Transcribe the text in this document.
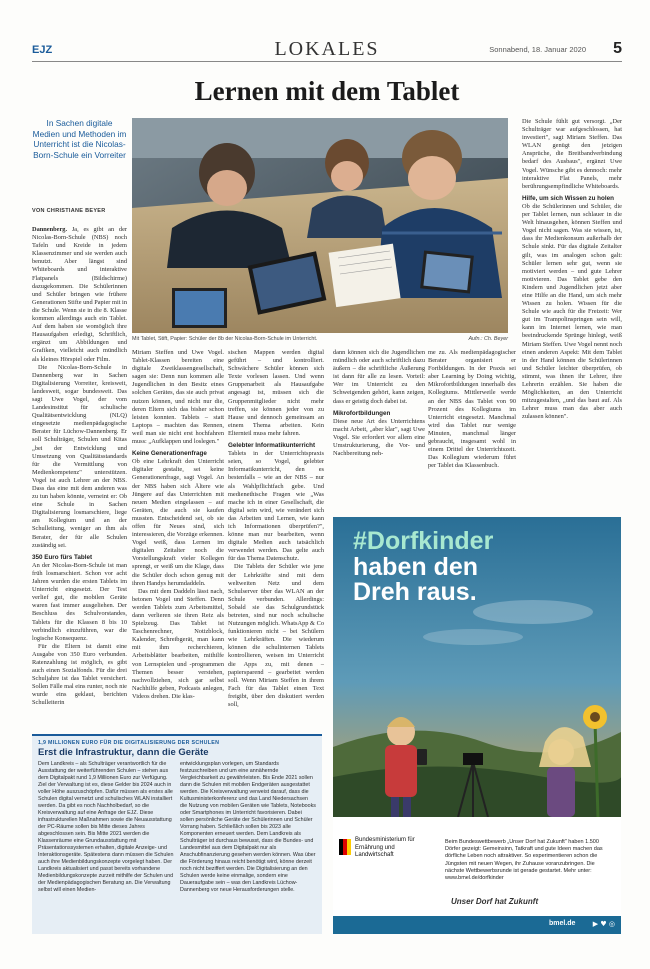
EJZ	LOKALES	Sonnabend, 18. Januar 2020 5
Lernen mit dem Tablet
In Sachen digitale Medien und Methoden im Unterricht ist die Nicolas-Born-Schule ein Vorreiter
VON CHRISTIANE BEYER

Dannenberg. Ja, es gibt an der Nicolas-Born-Schule (NBS) noch Tafeln und Kreide in jedem Klassenzimmer und sie werden auch benutzt. Aber längst sind Whiteboards und interaktive Flatpanels (Bildschirme) dazugekommen. Die Schülerinnen und Schüler bringen wie frühere Generationen Stifte und Papier mit in die Schule. Wenn sie in die 8. Klasse kommen allerdings auch ein Tablet. Auf dem haben sie womöglich ihre Hausaufgaben erledigt, Schriftlich, ergänzt um Abbildungen und Grafiken, vielleicht auch mündlich als kleines Hörspiel oder Film.

Die Nicolas-Born-Schule in Dannenberg war in Sachen Digitalisierung Vorreiter, kreisweit, landesweit, sogar bundesweit. Das sagt Uwe Vogel, der vom Landesinstitut für schulische Qualitätsentwicklung (NLQ) eingesetzte medienpädagogische Berater für Lüchow-Dannenberg. Er soll Schulträger, Schulen und Kitas „bei der Entwicklung und Umsetzung von Qualitätsstandards für die Vermittlung von Medienkompetenz" unterstützen. Vogel ist auch Lehrer an der NBS. Dass das eine mit dem anderen was zu tun haben könnte, verneint er: Ob eine Schule in Sachen Digitalisierung losmarschiere, liege am Kollegium und an der Schulleitung, weniger an ihm als Berater, der für alle Schulen zuständig sei.

350 Euro fürs Tablet

An der Nicolas-Born-Schule ist man früh losmarschiert. Schon vor acht Jahren wurden die ersten Tablets im Unterricht eingesetzt. Der Test verlief gut, die mobilen Geräte waren fast immer ausgeliehen. Der Beschluss des Schulvorstandes, Tablets für die Klassen 8 bis 10 verbindlich einzuführen, war die logische Konsequenz.

Für die Eltern ist damit eine Ausgabe von 350 Euro verbunden. Ratenzahlung ist möglich, es gibt auch einen Sozialfonds. Für die drei Schuljahre ist das Tablet versichert. Sollen Fälle mal eins runter, noch nie wurde eins geklaut, berichten Schulleiterin

Mit Tablet, Stift, Papier: Schüler der 8b der Nicolas-Born-Schule im Unterricht.	Aufn.: Ch. Beyer

Miriam Steffen und Uwe Vogel. Tablet-Klassen bereiten eine digitale Zweiklassengesellschaft, sagen sie: Denn nun kommen alle Jugendlichen in den Besitz eines solchen Gerätes, das sie auch privat nutzen können, und nicht nur die, deren Eltern sich das bisher schon leisten konnten. Tablets – statt Laptops – machten das Rennen, weil man sie nicht erst hochfahren muss: „Aufklappen und loslegen."

Keine Generationenfrage

Ob eine Lehrkraft den Unterricht digitaler gestalte, sei keine Generationenfrage, sagt Vogel. An der NBS haben sich Ältere wie Jüngere auf das Unterrichten mit neuen Medien eingelassen – auf Geräten, die auch sie kaufen mussten. Entscheidend sei, ob sie offen für Neues sind, sich interessieren, die Vorzüge erkennen. Vogel weiß, dass Lernen im digitalen Zeitalter noch die Vorstellungskraft vieler Kollegen sprengt, er weiß um die Klage, dass die Schüler doch schon genug mit ihren Handys herumdaddeln.

Das mit dem Daddeln lässt nach, betonen Vogel und Steffen. Denn werden Tablets zum Arbeitsmittel, dann verlieren sie ihren Reiz als Spielzeug. Das Tablet ist Taschenrechner, Notizblock, Kalender, Schreibgerät, man kann mit ihm recherchieren, Arbeitsblätter bearbeiten, mithilfe von Lernspielen und -programmen Themen besser verstehen, nachvollziehen, sich gar selbst Nachhilfe geben, Podcasts anlegen, Videos drehen. Die klas-

sischen Mappen werden digital geführt – und kontrolliert. Schwächere Schüler können sich Texte vorlesen lassen. Und wenn Gruppenarbeit als Hausaufgabe angesagt ist, müssen sich die Gruppenmitglieder nicht mehr treffen, sie können jeder von zu Hause und dennoch gemeinsam an einem Thema arbeiten. Kein Elternteil muss mehr fahren.

Gelebter Informatikunterricht

Tablets in der Unterrichtspraxis seien, so Vogel, gelebter Informatikunterricht, den es bestenfalls – wie an der NBS – nur als Wahlpflichtfach gebe. Und medienethische Fragen wie „Was mache ich in einer Gesellschaft, die digital sein wird, wie verändert sich das Arbeiten und Lernen, wie kann ich Informationen überprüfen?", könne man nur bearbeiten, wenn digitale Medien auch tatsächlich verwendet werden. Das gelte auch für das Thema Datenschutz.

Die Tablets der Schüler wie jene der Lehrkräfte sind mit dem weltweiten Netz und dem Schulserver über das WLAN an der Schule verbunden. Allerdings: Sobald sie das Schulgrundstück betreten, sind nur noch schulische Nutzungen möglich. WhatsApp & Co funktionieren nicht – bei Schülern wie Lehrkräften. Die wiederum können die schulinternen Tablets kontrollieren, weisen im Unterricht die Apps zu, mit denen – papiersparend – gearbeitet werden soll. Wenn Miriam Steffen in ihrem Fach für das Tablet einen Text freigibt, über den diskutiert werden soll,

dann können sich die Jugendlichen mündlich oder auch schriftlich dazu äußern – die schriftliche Äußerung ist dann für alle zu lesen. Vorteil: Wer im Unterricht zu den Schweigenden gehört, kann zeigen, dass er geistig doch dabei ist.

Mikrofortbildungen

Diese neue Art des Unterrichtens macht Arbeit, „aber klar", sagt Uwe Vogel. Sie erfordert vor allem eine Umstrukturierung, die Vor- und Nachbereitung neh-

me zu. Als medienpädagogischer Berater organisiert er Fortbildungen. In der Praxis sei aber Learning by Doing wichtig, Mikrofortbildungen innerhalb des Kollegiums. Mittlerweile werde an der NBS das Tablet von 90 Prozent des Kollegiums im Unterricht eingesetzt. Manchmal wird das Tablet nur wenige Minuten, manchmal länger gebraucht, insgesamt wohl in einem Drittel der Unterrichtszeit. Das Kollegium wiederum führt per Tablet das Klassenbuch.

Die Schule fühlt gut versorgt. „Der Schulträger war aufgeschlossen, hat investiert", sagt Miriam Steffen. Das WLAN genügt den jetzigen Ansprüche, die Breitbandverbindung bedarf des Ausbaus", ergänzt Uwe Vogel. Wünsche gibt es dennoch: mehr interaktive Flat Panels, mehr berührungsempfindliche Whiteboards.

Hilfe, um sich Wissen zu holen

Ob die Schülerinnen und Schüler, die per Tablet lernen, nun schlauer in die Welt hinausgehen, können Steffen und Vogel nicht sagen. Was sie wissen, ist, dass ihr Medienkonsum außerhalb der Schule sinkt. Für das digitale Zeitalter gilt, was im analogen schon galt: Schüler lernen sehr gut, wenn sie motiviert werden – und gute Lehrer motivieren. Das Tablet gebe den Kindern und Jugendlichen jetzt aber eine Hilfe an die Hand, um sich mehr Wissen zu holen. Wissen für die Schule wie auch für die Freizeit: Wer gut im Trampolinspringen sein will, kann im Internet lernen, wie man beeindruckende Sprünge hinlegt, weiß Miriam Steffen. Uwe Vogel nennt noch einen anderen Aspekt: Mit dem Tablet in der Hand können die Schülerinnen und Schüler leichter überprüfen, ob stimmt, was ihnen ihr Lehrer, ihre Lehrerin erzählen. Sie haben die Möglichkeiten, an den Unterricht mitzugestalten, „und das baut auf. Als Lehrer muss man das aber auch zulassen können".

1,9 MILLIONEN EURO FÜR DIE DIGITALISIERUNG DER SCHULEN
Erst die Infrastruktur, dann die Geräte

Dem Landkreis – als Schulträger verantwortlich für die Ausstattung der weiterführenden Schulen – stehen aus dem Digitalpakt rund 1,9 Millionen Euro zur Verfügung. Ziel der Verwaltung ist es, diese Gelder bis 2024 auch in voller Höhe auszuschöpfen. Dafür müssen als erstes alle Schulen digital vernetzt und schulisches WLAN installiert werden. Da gibt es noch Nachholbedarf, so die Kreisverwaltung auf eine Anfrage der EJZ. Diese infrastrukturellen Maßnahmen sowie die Neuausstattung der PC-Räume sollen bis Mitte dieses Jahres abgeschlossen sein. Bis Mitte 2021 werden die Klassenräume eine Grundausstattung mit Präsentationssystemen erhalten, digitale Anzeige- und Interaktionsgeräte. Spätestens dann müssen die Schulen auch ihre Medienbildungskonzepte vorgelegt haben. Der Landkreis aktualisiert und passt bereits vorhandene Medienbildungskonzepte zurzeit mithilfe der Schulen und der Medienpädagogischen Beratung an. Die Verwaltung selbst will einen Medien-

entwicklungsplan vorlegen, um Standards festzuschreiben und um eine annähernde Vergleichbarkeit zu gewährleisten. Bis Ende 2021 sollen dann die Schulen mit mobilen Endgeräten ausgestattet werden. Die Kreisverwaltung verweist darauf, dass die Kultusministerkonferenz und das Land Niedersachsen die Nutzung von mobilen Geräten wie Tablets, Notebooks oder Smartphones im Unterricht favorisieren. Dabei sollen persönliche Geräte der Schülerinnen und Schüler Vorrang haben. Schließlich sollen bis 2023 alle Komponenten erneuert werden. Dem Landkreis als Schulträger ist durchaus bewusst, dass die Bundes- und Landesmittel aus dem Digitalpakt nur als Anschubfinanzierung gesehen werden können. Was über die Förderung hinaus reicht benötigt wird, könne derzeit noch nicht beziffert werden. Die Digitalisierung an den Schulen werde keine einmalige, sondern eine Daueraufgabe sein – was den Landkreis Lüchow-Dannenberg vor neue Herausforderungen stelle.

#Dorfkinder
haben den
Dreh raus.
Bundesministerium für Ernährung und Landwirtschaft
Beim Bundeswettbewerb „Unser Dorf hat Zukunft" haben 1.500 Dörfer gezeigt: Gemeinsinn, Tatkraft und gute Ideen machen das dörfliche Leben noch attraktiver. So experimentieren schon die Jüngsten mit neuen Wegen, ihr Zuhause voranzubringen. Die nächste Wettbewerbsrunde ist gerade gestartet. Mehr unter: www.bmel.de/dorfkinder
Unser Dorf hat Zukunft
bmel.de ▶ ♥ ◎
